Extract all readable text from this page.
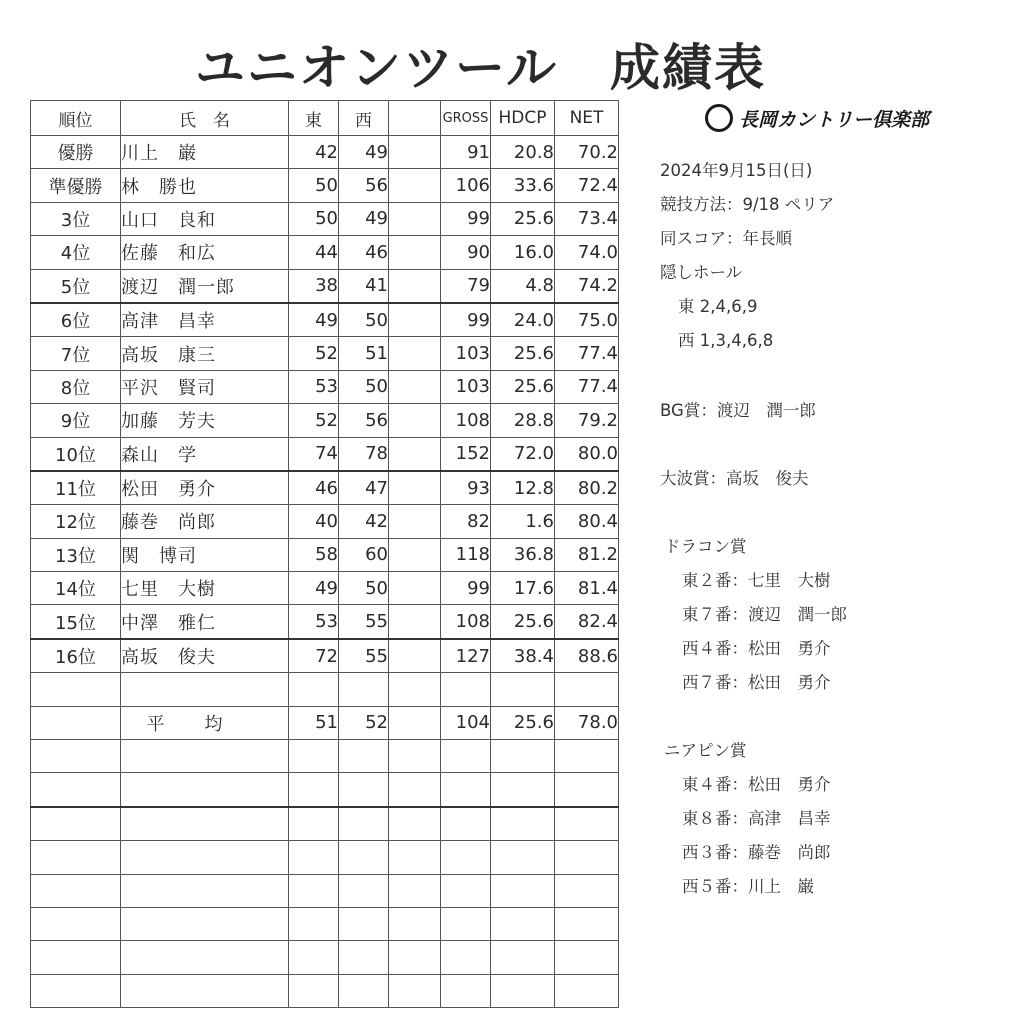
ユニオンツール　成績表
順位	氏　名	東	西		GROSS	HDCP	NET
優勝	川上　巌	42	49		91	20.8	70.2
準優勝	林　勝也	50	56		106	33.6	72.4
3位	山口　良和	50	49		99	25.6	73.4
4位	佐藤　和広	44	46		90	16.0	74.0
5位	渡辺　潤一郎	38	41		79	4.8	74.2
6位	高津　昌幸	49	50		99	24.0	75.0
7位	高坂　康三	52	51		103	25.6	77.4
8位	平沢　賢司	53	50		103	25.6	77.4
9位	加藤　芳夫	52	56		108	28.8	79.2
10位	森山　学	74	78		152	72.0	80.0
11位	松田　勇介	46	47		93	12.8	80.2
12位	藤巻　尚郎	40	42		82	1.6	80.4
13位	関　博司	58	60		118	36.8	81.2
14位	七里　大樹	49	50		99	17.6	81.4
15位	中澤　雅仁	53	55		108	25.6	82.4
16位	高坂　俊夫	72	55		127	38.4	88.6

	平均	51	52		104	25.6	78.0

長岡カントリー倶楽部
2024年9月15日(日)
競技方法：9/18 ペリア
同スコア：年長順
隠しホール
東 2,4,6,9
西 1,3,4,6,8
BG賞：渡辺　潤一郎
大波賞：高坂　俊夫
ドラコン賞
東２番：七里　大樹
東７番：渡辺　潤一郎
西４番：松田　勇介
西７番：松田　勇介
ニアピン賞
東４番：松田　勇介
東８番：高津　昌幸
西３番：藤巻　尚郎
西５番：川上　巌
